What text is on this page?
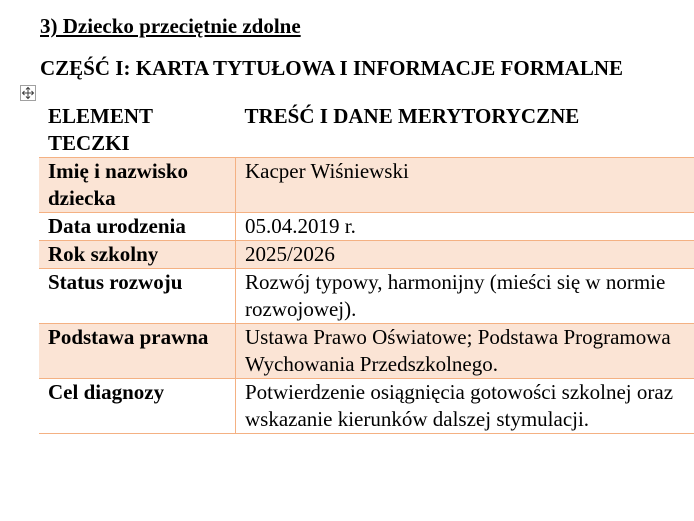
3) Dziecko przeciętnie zdolne
CZĘŚĆ I: KARTA TYTUŁOWA I INFORMACJE FORMALNE
ELEMENT TECZKI	TREŚĆ I DANE MERYTORYCZNE
Imię i nazwisko dziecka	Kacper Wiśniewski

Data urodzenia	05.04.2019 r.

Rok szkolny	2025/2026

Status rozwoju	Rozwój typowy, harmonijny (mieści się w normie
rozwojowej).

Podstawa prawna	Ustawa Prawo Oświatowe; Podstawa Programowa
Wychowania Przedszkolnego.

Cel diagnozy	Potwierdzenie osiągnięcia gotowości szkolnej oraz
wskazanie kierunków dalszej stymulacji.
